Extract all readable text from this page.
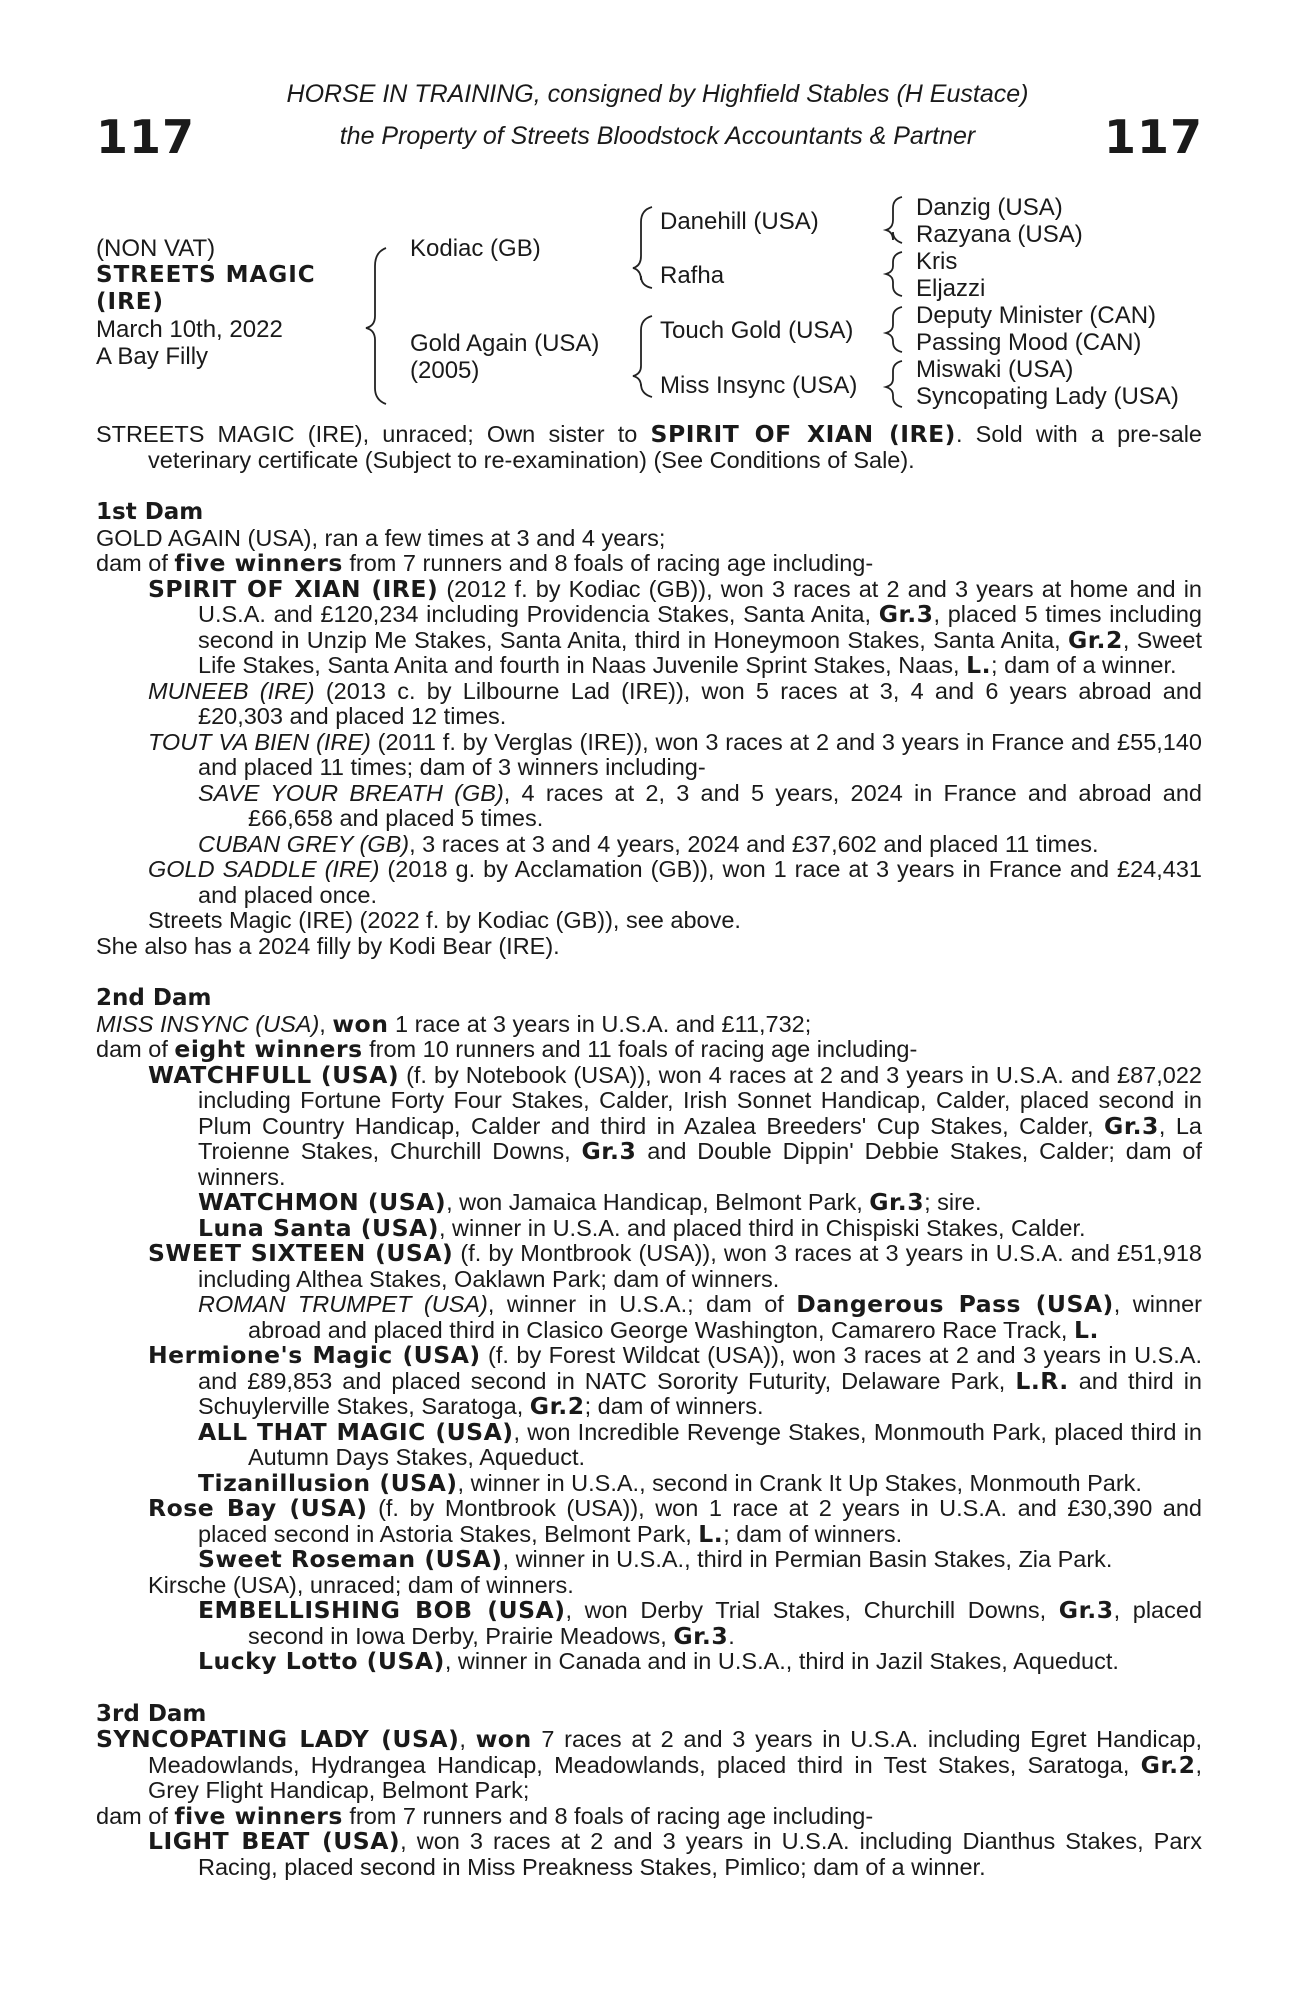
117	117
HORSE IN TRAINING, consigned by Highfield Stables (H Eustace)
the Property of Streets Bloodstock Accountants & Partner
(NON VAT)
STREETS MAGIC
(IRE)
March 10th, 2022
A Bay Filly
Kodiac (GB)
Gold Again (USA)
(2005)
Danehill (USA)
Rafha
Touch Gold (USA)
Miss Insync (USA)
Danzig (USA)
Razyana (USA)
Kris
Eljazzi
Deputy Minister (CAN)
Passing Mood (CAN)
Miswaki (USA)
Syncopating Lady (USA)
STREETS MAGIC (IRE), unraced; Own sister to SPIRIT OF XIAN (IRE). Sold with a pre-sale veterinary certificate (Subject to re-examination) (See Conditions of Sale).
1st Dam
GOLD AGAIN (USA), ran a few times at 3 and 4 years;
dam of five winners from 7 runners and 8 foals of racing age including-
SPIRIT OF XIAN (IRE) (2012 f. by Kodiac (GB)), won 3 races at 2 and 3 years at home and in U.S.A. and £120,234 including Providencia Stakes, Santa Anita, Gr.3, placed 5 times including second in Unzip Me Stakes, Santa Anita, third in Honeymoon Stakes, Santa Anita, Gr.2, Sweet Life Stakes, Santa Anita and fourth in Naas Juvenile Sprint Stakes, Naas, L.; dam of a winner.
MUNEEB (IRE) (2013 c. by Lilbourne Lad (IRE)), won 5 races at 3, 4 and 6 years abroad and £20,303 and placed 12 times.
TOUT VA BIEN (IRE) (2011 f. by Verglas (IRE)), won 3 races at 2 and 3 years in France and £55,140 and placed 11 times; dam of 3 winners including-
SAVE YOUR BREATH (GB), 4 races at 2, 3 and 5 years, 2024 in France and abroad and £66,658 and placed 5 times.
CUBAN GREY (GB), 3 races at 3 and 4 years, 2024 and £37,602 and placed 11 times.
GOLD SADDLE (IRE) (2018 g. by Acclamation (GB)), won 1 race at 3 years in France and £24,431 and placed once.
Streets Magic (IRE) (2022 f. by Kodiac (GB)), see above.
She also has a 2024 filly by Kodi Bear (IRE).
2nd Dam
MISS INSYNC (USA), won 1 race at 3 years in U.S.A. and £11,732;
dam of eight winners from 10 runners and 11 foals of racing age including-
WATCHFULL (USA) (f. by Notebook (USA)), won 4 races at 2 and 3 years in U.S.A. and £87,022 including Fortune Forty Four Stakes, Calder, Irish Sonnet Handicap, Calder, placed second in Plum Country Handicap, Calder and third in Azalea Breeders' Cup Stakes, Calder, Gr.3, La Troienne Stakes, Churchill Downs, Gr.3 and Double Dippin' Debbie Stakes, Calder; dam of winners.
WATCHMON (USA), won Jamaica Handicap, Belmont Park, Gr.3; sire.
Luna Santa (USA), winner in U.S.A. and placed third in Chispiski Stakes, Calder.
SWEET SIXTEEN (USA) (f. by Montbrook (USA)), won 3 races at 3 years in U.S.A. and £51,918 including Althea Stakes, Oaklawn Park; dam of winners.
ROMAN TRUMPET (USA), winner in U.S.A.; dam of Dangerous Pass (USA), winner abroad and placed third in Clasico George Washington, Camarero Race Track, L.
Hermione's Magic (USA) (f. by Forest Wildcat (USA)), won 3 races at 2 and 3 years in U.S.A. and £89,853 and placed second in NATC Sorority Futurity, Delaware Park, L.R. and third in Schuylerville Stakes, Saratoga, Gr.2; dam of winners.
ALL THAT MAGIC (USA), won Incredible Revenge Stakes, Monmouth Park, placed third in Autumn Days Stakes, Aqueduct.
Tizanillusion (USA), winner in U.S.A., second in Crank It Up Stakes, Monmouth Park.
Rose Bay (USA) (f. by Montbrook (USA)), won 1 race at 2 years in U.S.A. and £30,390 and placed second in Astoria Stakes, Belmont Park, L.; dam of winners.
Sweet Roseman (USA), winner in U.S.A., third in Permian Basin Stakes, Zia Park.
Kirsche (USA), unraced; dam of winners.
EMBELLISHING BOB (USA), won Derby Trial Stakes, Churchill Downs, Gr.3, placed second in Iowa Derby, Prairie Meadows, Gr.3.
Lucky Lotto (USA), winner in Canada and in U.S.A., third in Jazil Stakes, Aqueduct.
3rd Dam
SYNCOPATING LADY (USA), won 7 races at 2 and 3 years in U.S.A. including Egret Handicap, Meadowlands, Hydrangea Handicap, Meadowlands, placed third in Test Stakes, Saratoga, Gr.2, Grey Flight Handicap, Belmont Park;
dam of five winners from 7 runners and 8 foals of racing age including-
LIGHT BEAT (USA), won 3 races at 2 and 3 years in U.S.A. including Dianthus Stakes, Parx Racing, placed second in Miss Preakness Stakes, Pimlico; dam of a winner.
